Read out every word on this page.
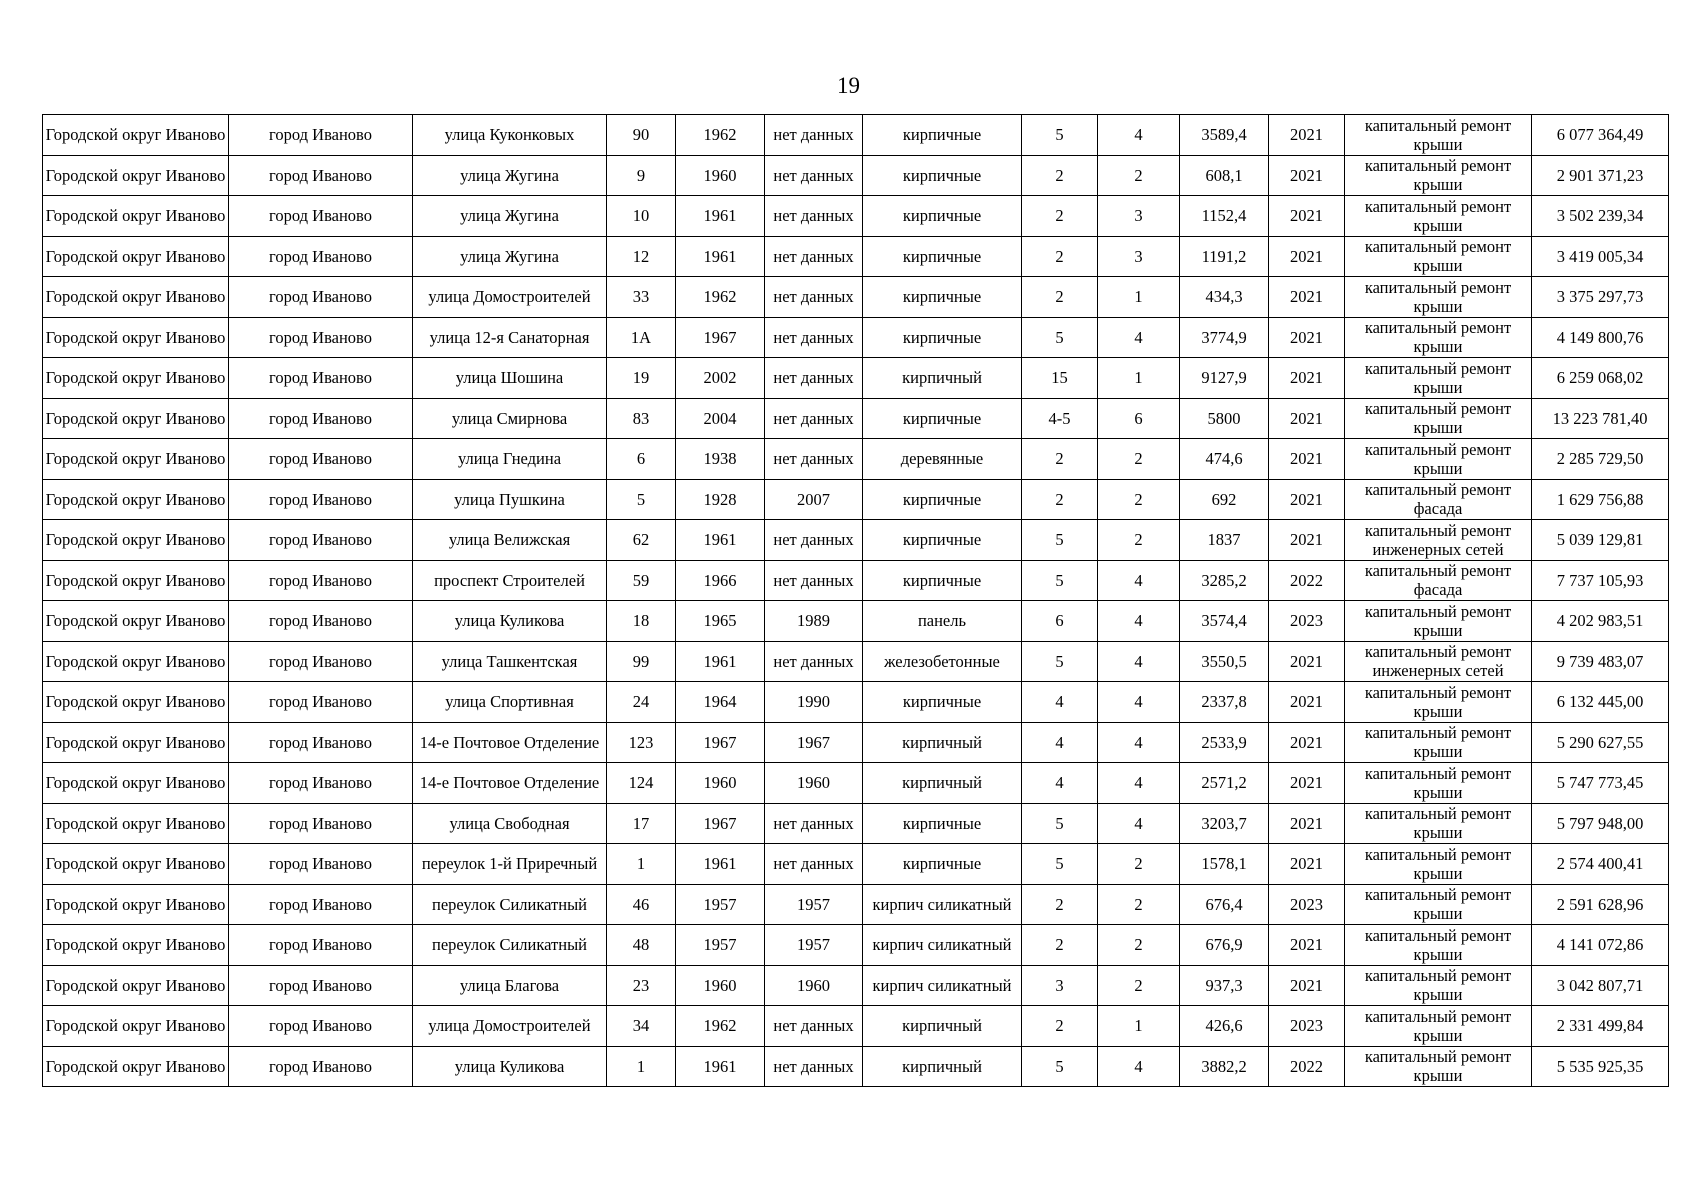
19
Городской округ Иваново	город Иваново	улица Куконковых	90	1962	нет данных	кирпичные	5	4	3589,4	2021	капитальный ремонт крыши	6 077 364,49
Городской округ Иваново	город Иваново	улица Жугина	9	1960	нет данных	кирпичные	2	2	608,1	2021	капитальный ремонт крыши	2 901 371,23
Городской округ Иваново	город Иваново	улица Жугина	10	1961	нет данных	кирпичные	2	3	1152,4	2021	капитальный ремонт крыши	3 502 239,34
Городской округ Иваново	город Иваново	улица Жугина	12	1961	нет данных	кирпичные	2	3	1191,2	2021	капитальный ремонт крыши	3 419 005,34
Городской округ Иваново	город Иваново	улица Домостроителей	33	1962	нет данных	кирпичные	2	1	434,3	2021	капитальный ремонт крыши	3 375 297,73
Городской округ Иваново	город Иваново	улица 12-я Санаторная	1А	1967	нет данных	кирпичные	5	4	3774,9	2021	капитальный ремонт крыши	4 149 800,76
Городской округ Иваново	город Иваново	улица Шошина	19	2002	нет данных	кирпичный	15	1	9127,9	2021	капитальный ремонт крыши	6 259 068,02
Городской округ Иваново	город Иваново	улица Смирнова	83	2004	нет данных	кирпичные	4-5	6	5800	2021	капитальный ремонт крыши	13 223 781,40
Городской округ Иваново	город Иваново	улица Гнедина	6	1938	нет данных	деревянные	2	2	474,6	2021	капитальный ремонт крыши	2 285 729,50
Городской округ Иваново	город Иваново	улица Пушкина	5	1928	2007	кирпичные	2	2	692	2021	капитальный ремонт фасада	1 629 756,88
Городской округ Иваново	город Иваново	улица Велижская	62	1961	нет данных	кирпичные	5	2	1837	2021	капитальный ремонт инженерных сетей	5 039 129,81
Городской округ Иваново	город Иваново	проспект Строителей	59	1966	нет данных	кирпичные	5	4	3285,2	2022	капитальный ремонт фасада	7 737 105,93
Городской округ Иваново	город Иваново	улица Куликова	18	1965	1989	панель	6	4	3574,4	2023	капитальный ремонт крыши	4 202 983,51
Городской округ Иваново	город Иваново	улица Ташкентская	99	1961	нет данных	железобетонные	5	4	3550,5	2021	капитальный ремонт инженерных сетей	9 739 483,07
Городской округ Иваново	город Иваново	улица Спортивная	24	1964	1990	кирпичные	4	4	2337,8	2021	капитальный ремонт крыши	6 132 445,00
Городской округ Иваново	город Иваново	14-е Почтовое Отделение	123	1967	1967	кирпичный	4	4	2533,9	2021	капитальный ремонт крыши	5 290 627,55
Городской округ Иваново	город Иваново	14-е Почтовое Отделение	124	1960	1960	кирпичный	4	4	2571,2	2021	капитальный ремонт крыши	5 747 773,45
Городской округ Иваново	город Иваново	улица Свободная	17	1967	нет данных	кирпичные	5	4	3203,7	2021	капитальный ремонт крыши	5 797 948,00
Городской округ Иваново	город Иваново	переулок 1-й Приречный	1	1961	нет данных	кирпичные	5	2	1578,1	2021	капитальный ремонт крыши	2 574 400,41
Городской округ Иваново	город Иваново	переулок Силикатный	46	1957	1957	кирпич силикатный	2	2	676,4	2023	капитальный ремонт крыши	2 591 628,96
Городской округ Иваново	город Иваново	переулок Силикатный	48	1957	1957	кирпич силикатный	2	2	676,9	2021	капитальный ремонт крыши	4 141 072,86
Городской округ Иваново	город Иваново	улица Благова	23	1960	1960	кирпич силикатный	3	2	937,3	2021	капитальный ремонт крыши	3 042 807,71
Городской округ Иваново	город Иваново	улица Домостроителей	34	1962	нет данных	кирпичный	2	1	426,6	2023	капитальный ремонт крыши	2 331 499,84
Городской округ Иваново	город Иваново	улица Куликова	1	1961	нет данных	кирпичный	5	4	3882,2	2022	капитальный ремонт крыши	5 535 925,35
